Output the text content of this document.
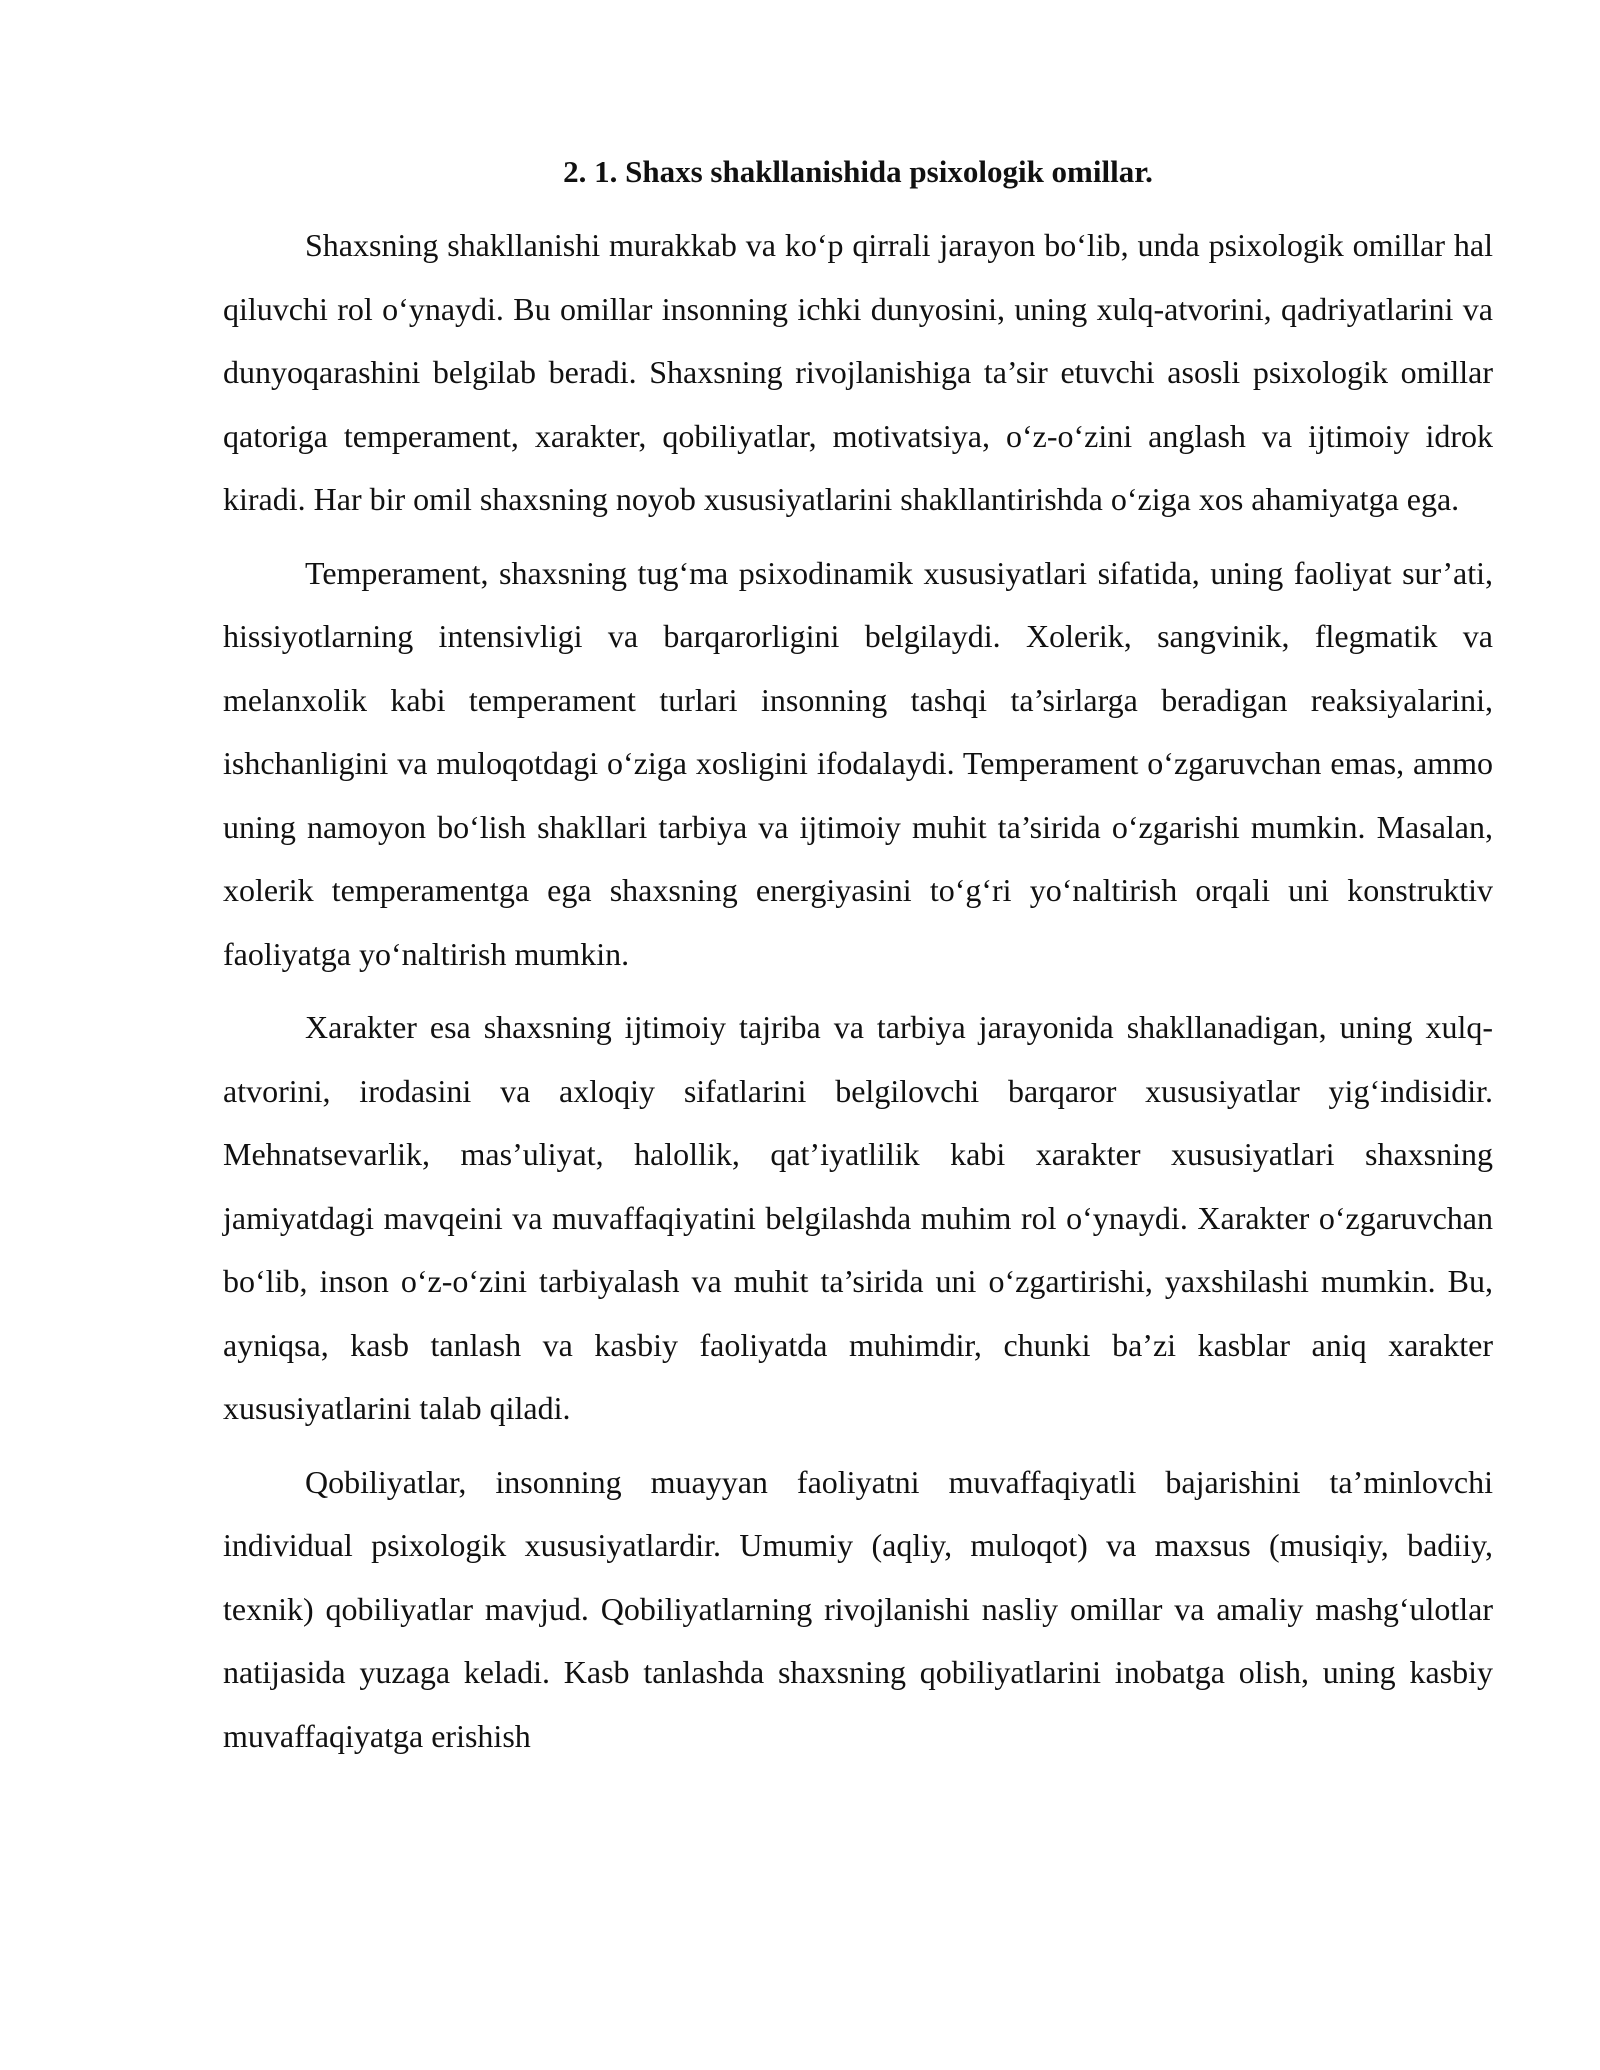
2. 1. Shaxs shakllanishida psixologik omillar.

Shaxsning shakllanishi murakkab va ko‘p qirrali jarayon bo‘lib, unda psixologik omillar hal qiluvchi rol o‘ynaydi. Bu omillar insonning ichki dunyosini, uning xulq-atvorini, qadriyatlarini va dunyoqarashini belgilab beradi. Shaxsning rivojlanishiga ta’sir etuvchi asosli psixologik omillar qatoriga temperament, xarakter, qobiliyatlar, motivatsiya, o‘z-o‘zini anglash va ijtimoiy idrok kiradi. Har bir omil shaxsning noyob xususiyatlarini shakllantirishda o‘ziga xos ahamiyatga ega.

Temperament, shaxsning tug‘ma psixodinamik xususiyatlari sifatida, uning faoliyat sur’ati, hissiyotlarning intensivligi va barqarorligini belgilaydi. Xolerik, sangvinik, flegmatik va melanxolik kabi temperament turlari insonning tashqi ta’sirlarga beradigan reaksiyalarini, ishchanligini va muloqotdagi o‘ziga xosligini ifodalaydi. Temperament o‘zgaruvchan emas, ammo uning namoyon bo‘lish shakllari tarbiya va ijtimoiy muhit ta’sirida o‘zgarishi mumkin. Masalan, xolerik temperamentga ega shaxsning energiyasini to‘g‘ri yo‘naltirish orqali uni konstruktiv faoliyatga yo‘naltirish mumkin.

Xarakter esa shaxsning ijtimoiy tajriba va tarbiya jarayonida shakllanadigan, uning xulq-atvorini, irodasini va axloqiy sifatlarini belgilovchi barqaror xususiyatlar yig‘indisidir. Mehnatsevarlik, mas’uliyat, halollik, qat’iyatlilik kabi xarakter xususiyatlari shaxsning jamiyatdagi mavqeini va muvaffaqiyatini belgilashda muhim rol o‘ynaydi. Xarakter o‘zgaruvchan bo‘lib, inson o‘z-o‘zini tarbiyalash va muhit ta’sirida uni o‘zgartirishi, yaxshilashi mumkin. Bu, ayniqsa, kasb tanlash va kasbiy faoliyatda muhimdir, chunki ba’zi kasblar aniq xarakter xususiyatlarini talab qiladi.

Qobiliyatlar, insonning muayyan faoliyatni muvaffaqiyatli bajarishini ta’minlovchi individual psixologik xususiyatlardir. Umumiy (aqliy, muloqot) va maxsus (musiqiy, badiiy, texnik) qobiliyatlar mavjud. Qobiliyatlarning rivojlanishi nasliy omillar va amaliy mashg‘ulotlar natijasida yuzaga keladi. Kasb tanlashda shaxsning qobiliyatlarini inobatga olish, uning kasbiy muvaffaqiyatga erishish
